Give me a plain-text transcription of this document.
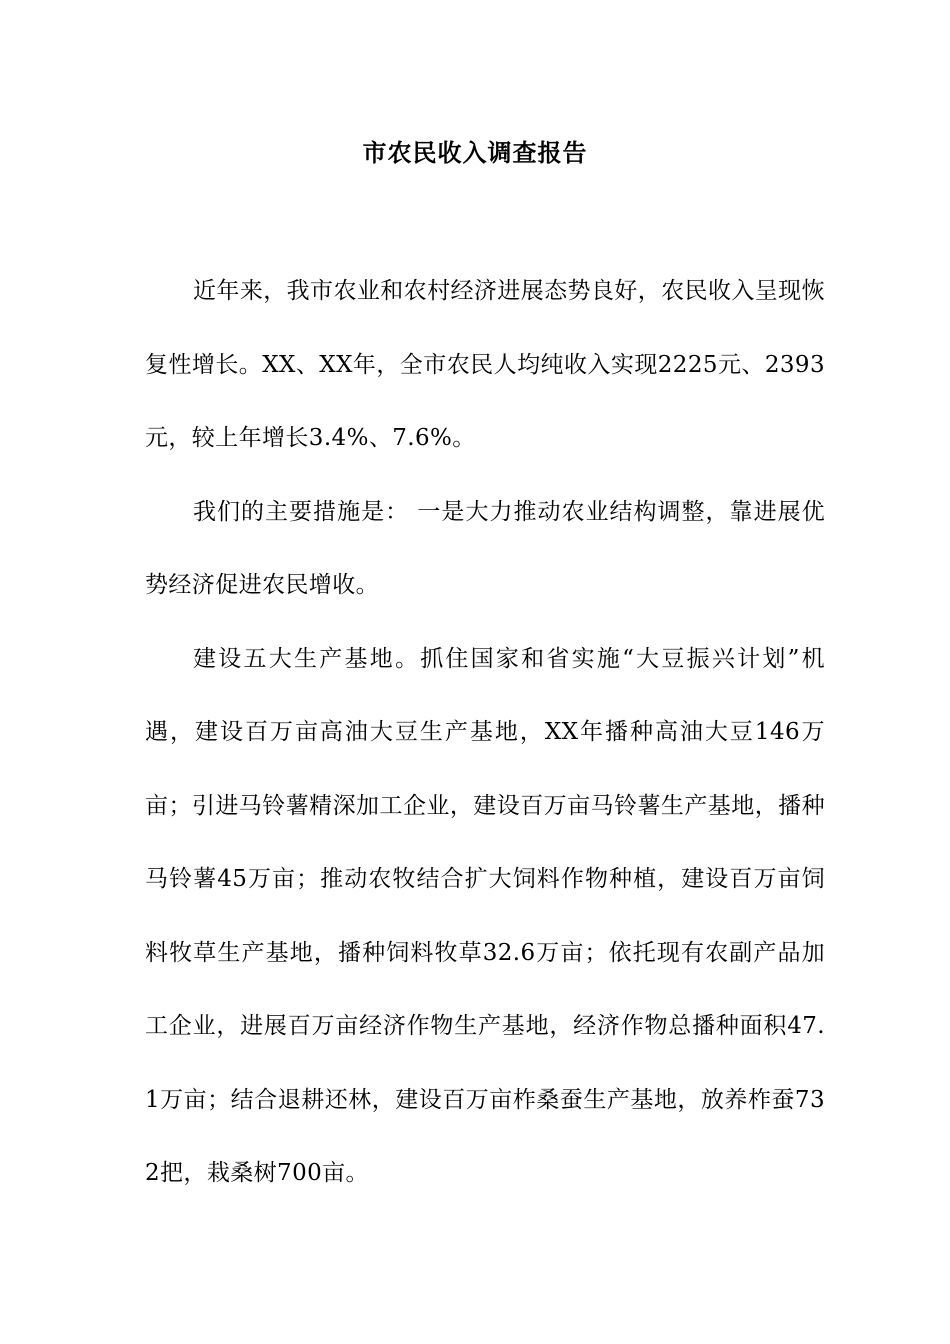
市农民收入调查报告

近年来，我市农业和农村经济进展态势良好，农民收入呈现恢复性增长。XX、XX年，全市农民人均纯收入实现2225元、2393元，较上年增长3.4%、7.6%。

我们的主要措施是： 一是大力推动农业结构调整，靠进展优势经济促进农民增收。

建设五大生产基地。抓住国家和省实施“大豆振兴计划”机遇，建设百万亩高油大豆生产基地，XX年播种高油大豆146万亩；引进马铃薯精深加工企业，建设百万亩马铃薯生产基地，播种马铃薯45万亩；推动农牧结合扩大饲料作物种植，建设百万亩饲料牧草生产基地，播种饲料牧草32.6万亩；依托现有农副产品加工企业，进展百万亩经济作物生产基地，经济作物总播种面积47.1万亩；结合退耕还林，建设百万亩柞桑蚕生产基地，放养柞蚕732把，栽桑树700亩。
